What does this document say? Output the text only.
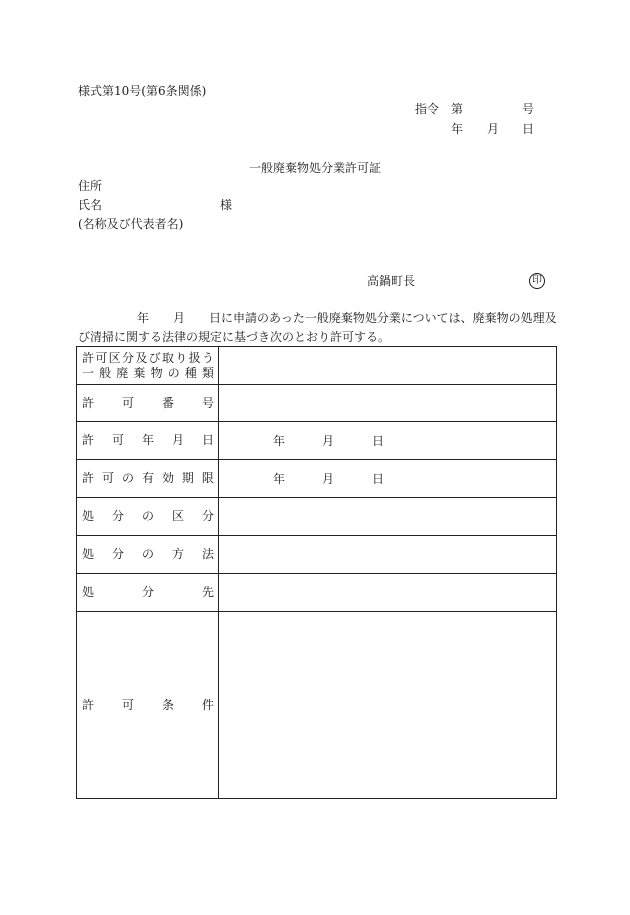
様式第10号(第6条関係)
指令 第	号
年 月 日
一般廃棄物処分業許可証
住所
氏名	様
(名称及び代表者名)
高鍋町長	印
年 月 日に申請のあった一般廃棄物処分業については、廃棄物の処理及
び清掃に関する法律の規定に基づき次のとおり許可する。
許 可 区 分 及 び 取 り 扱 う
一 般 廃 棄 物 の 種 類
許 可 番 号
許 可 年 月 日	年	月	日
許 可 の 有 効 期 限	年	月	日
処 分 の 区 分
処 分 の 方 法
処	分	先
許 可 条 件
